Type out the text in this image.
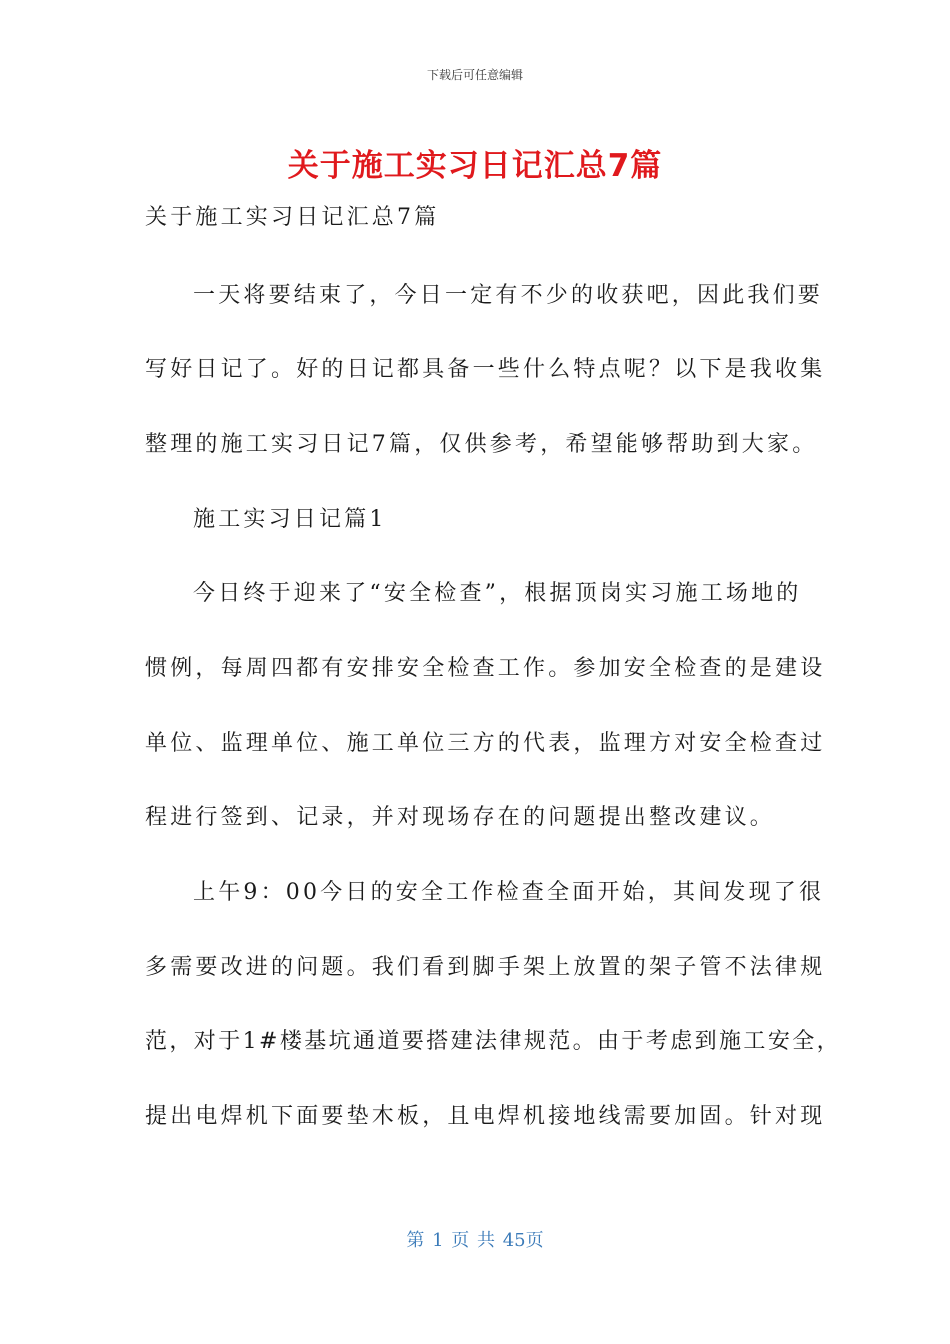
下载后可任意编辑
关于施工实习日记汇总7篇
关于施工实习日记汇总7篇
一天将要结束了，今日一定有不少的收获吧，因此我们要
写好日记了。好的日记都具备一些什么特点呢？以下是我收集
整理的施工实习日记7篇，仅供参考，希望能够帮助到大家。
施工实习日记篇1
今日终于迎来了“安全检查”，根据顶岗实习施工场地的
惯例，每周四都有安排安全检查工作。参加安全检查的是建设
单位、监理单位、施工单位三方的代表，监理方对安全检查过
程进行签到、记录，并对现场存在的问题提出整改建议。
上午9：00今日的安全工作检查全面开始，其间发现了很
多需要改进的问题。我们看到脚手架上放置的架子管不法律规
范，对于1#楼基坑通道要搭建法律规范。由于考虑到施工安全，
提出电焊机下面要垫木板，且电焊机接地线需要加固。针对现
第 1 页 共 45页
